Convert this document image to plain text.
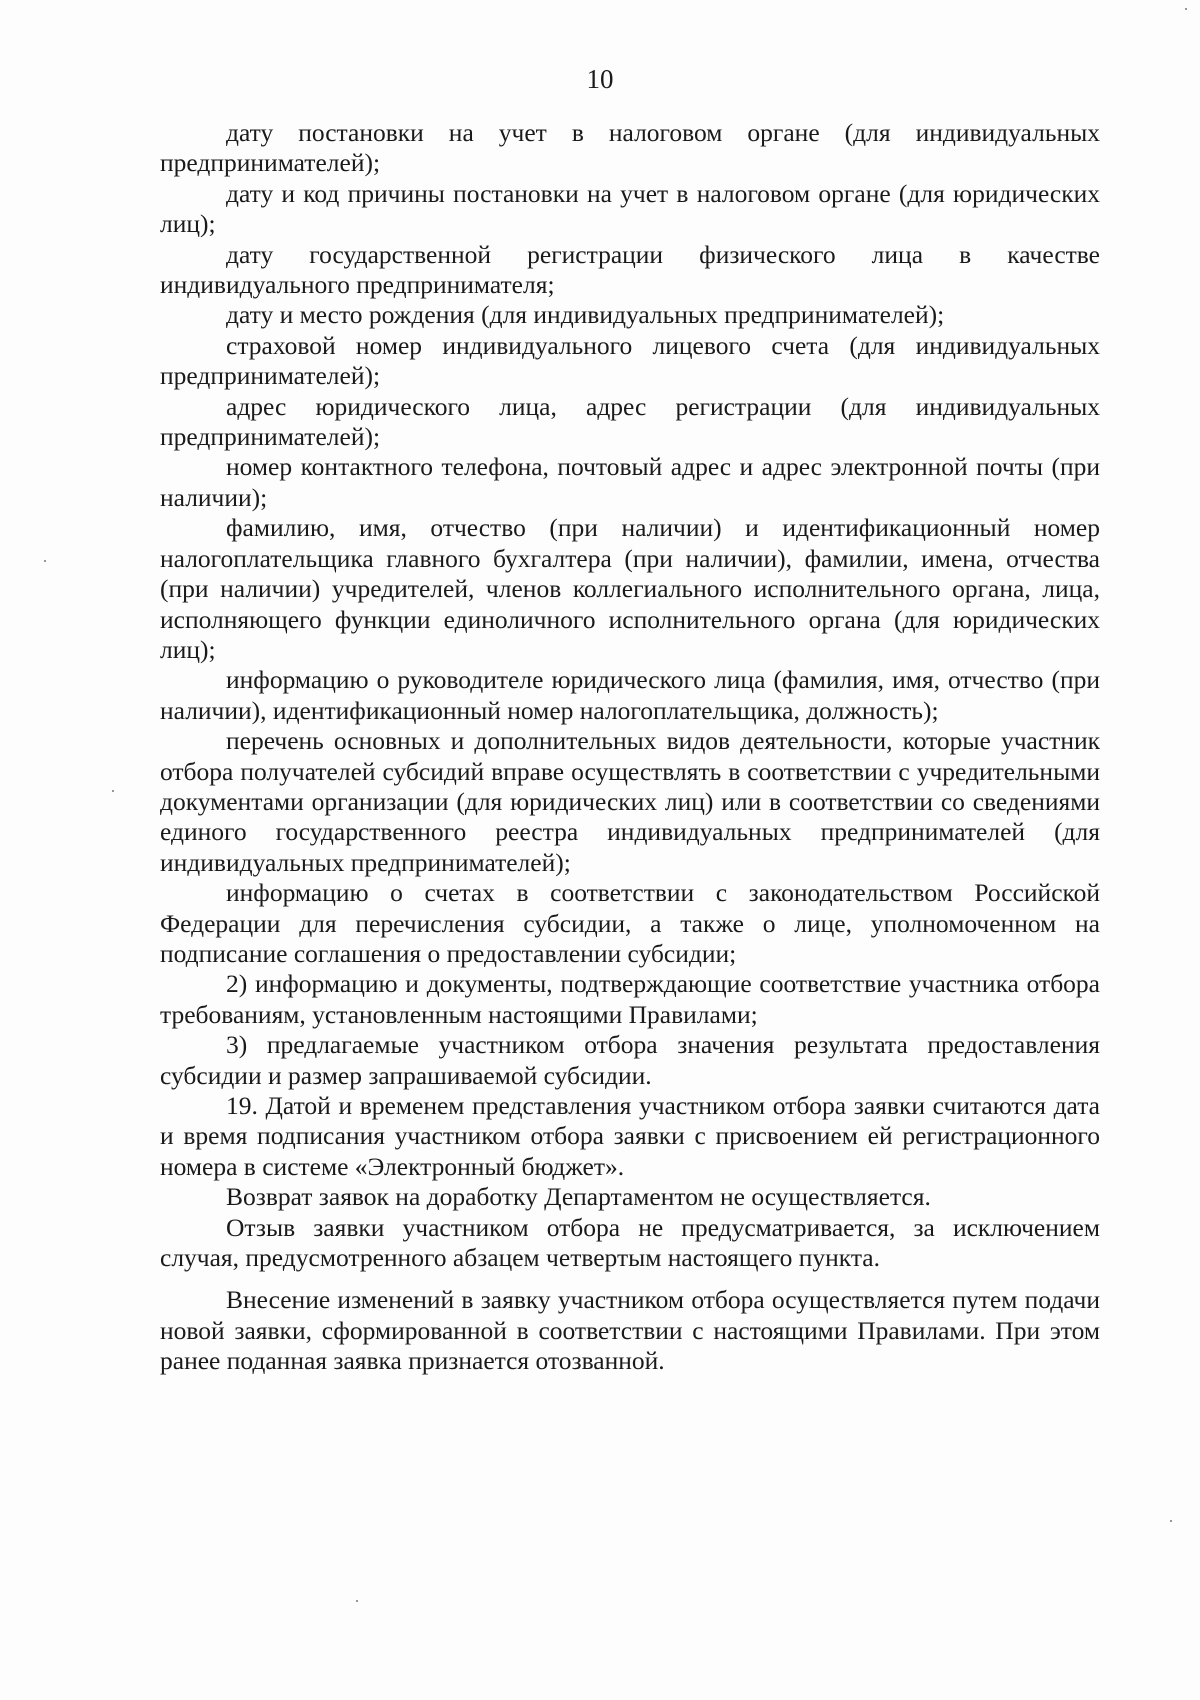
10

дату постановки на учет в налоговом органе (для индивидуальных предпринимателей);

дату и код причины постановки на учет в налоговом органе (для юридических лиц);

дату государственной регистрации физического лица в качестве индивидуального предпринимателя;

дату и место рождения (для индивидуальных предпринимателей);

страховой номер индивидуального лицевого счета (для индивидуальных предпринимателей);

адрес юридического лица, адрес регистрации (для индивидуальных предпринимателей);

номер контактного телефона, почтовый адрес и адрес электронной почты (при наличии);

фамилию, имя, отчество (при наличии) и идентификационный номер налогоплательщика главного бухгалтера (при наличии), фамилии, имена, отчества (при наличии) учредителей, членов коллегиального исполнительного органа, лица, исполняющего функции единоличного исполнительного органа (для юридических лиц);

информацию о руководителе юридического лица (фамилия, имя, отчество (при наличии), идентификационный номер налогоплательщика, должность);

перечень основных и дополнительных видов деятельности, которые участник отбора получателей субсидий вправе осуществлять в соответствии с учредительными документами организации (для юридических лиц) или в соответствии со сведениями единого государственного реестра индивидуальных предпринимателей (для индивидуальных предпринимателей);

информацию о счетах в соответствии с законодательством Российской Федерации для перечисления субсидии, а также о лице, уполномоченном на подписание соглашения о предоставлении субсидии;

2) информацию и документы, подтверждающие соответствие участника отбора требованиям, установленным настоящими Правилами;

3) предлагаемые участником отбора значения результата предоставления субсидии и размер запрашиваемой субсидии.

19. Датой и временем представления участником отбора заявки считаются дата и время подписания участником отбора заявки с присвоением ей регистрационного номера в системе «Электронный бюджет».

Возврат заявок на доработку Департаментом не осуществляется.

Отзыв заявки участником отбора не предусматривается, за исключением случая, предусмотренного абзацем четвертым настоящего пункта.

Внесение изменений в заявку участником отбора осуществляется путем подачи новой заявки, сформированной в соответствии с настоящими Правилами. При этом ранее поданная заявка признается отозванной.
